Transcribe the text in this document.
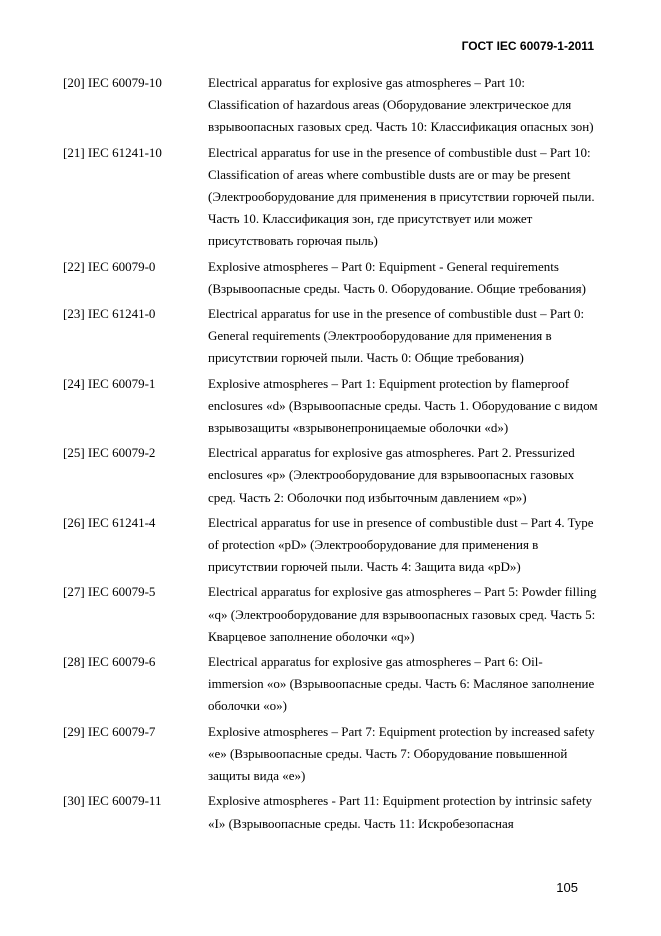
ГОСТ IEC 60079-1-2011
[20] IEC 60079-10	Electrical apparatus for explosive gas atmospheres – Part 10: Classification of hazardous areas (Оборудование электрическое для взрывоопасных газовых сред. Часть 10: Классификация опасных зон)
[21] IEC 61241-10	Electrical apparatus for use in the presence of combustible dust – Part 10: Classification of areas where combustible dusts are or may be present (Электрооборудование для применения в присутствии горючей пыли. Часть 10. Классификация зон, где присутствует или может присутствовать горючая пыль)
[22] IEC 60079-0	Explosive atmospheres – Part 0: Equipment - General requirements (Взрывоопасные среды. Часть 0. Оборудование. Общие требования)
[23] IEC 61241-0	Electrical apparatus for use in the presence of combustible dust – Part 0: General requirements (Электрооборудование для применения в присутствии горючей пыли. Часть 0: Общие требования)
[24] IEC 60079-1	Explosive atmospheres – Part 1: Equipment protection by flameproof enclosures «d» (Взрывоопасные среды. Часть 1. Оборудование с видом взрывозащиты «взрывонепроницаемые оболочки «d»)
[25] IEC 60079-2	Electrical apparatus for explosive gas atmospheres. Part 2. Pressurized enclosures «p» (Электрооборудование для взрывоопасных газовых сред. Часть 2: Оболочки под избыточным давлением «p»)
[26] IEC 61241-4	Electrical apparatus for use in presence of combustible dust – Part 4. Type of protection «pD» (Электрооборудование для применения в присутствии горючей пыли. Часть 4: Защита вида «pD»)
[27] IEC 60079-5	Electrical apparatus for explosive gas atmospheres – Part 5: Powder filling «q» (Электрооборудование для взрывоопасных газовых сред. Часть 5: Кварцевое заполнение оболочки «q»)
[28] IEC 60079-6	Electrical apparatus for explosive gas atmospheres – Part 6: Oil-immersion «o» (Взрывоопасные среды. Часть 6: Масляное заполнение оболочки «o»)
[29] IEC 60079-7	Explosive atmospheres – Part 7: Equipment protection by increased safety «e» (Взрывоопасные среды. Часть 7: Оборудование повышенной защиты вида «e»)
[30] IEC 60079-11	Explosive atmospheres - Part 11: Equipment protection by intrinsic safety «I» (Взрывоопасные среды. Часть 11: Искробезопасная
105
